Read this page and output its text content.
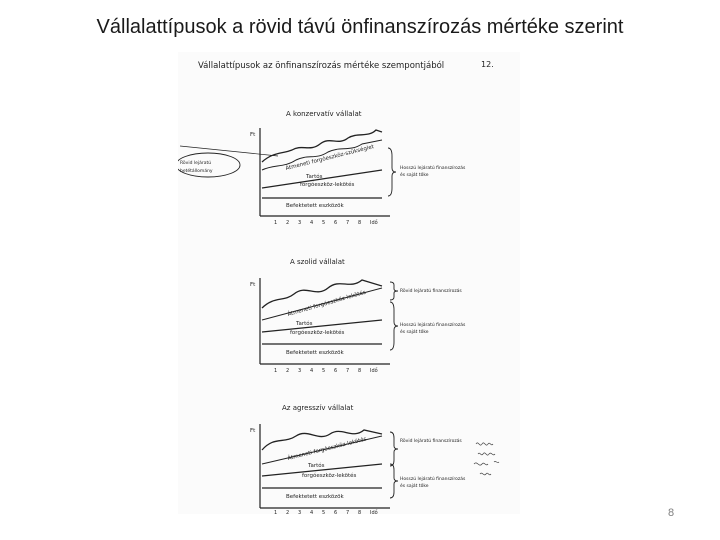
Vállalattípusok a rövid távú önfinanszírozás mértéke szerint
Vállalattípusok az önfinanszírozás mértéke szempontjából	12.
A konzervatív vállalat
Ft
Átmeneti forgóeszköz-szükséglet
Tartós
forgóeszköz-lekötés
Befektetett eszközök
1 2 3 4 5 6 7 8 Idő
Rövid lejáratú
betétállomány
Hosszú lejáratú finanszírozás
és saját tőke
A szolid vállalat
Ft
Átmeneti forgóeszköz-lekötés
Tartós
forgóeszköz-lekötés
Befektetett eszközök
1 2 3 4 5 6 7 8 Idő
Rövid lejáratú finanszírozás
Hosszú lejáratú finanszírozás
és saját tőke
Az agresszív vállalat
Ft
Átmeneti forgóeszköz-lekötés
Tartós
forgóeszköz-lekötés
Befektetett eszközök
1 2 3 4 5 6 7 8 Idő
Rövid lejáratú finanszírozás
Hosszú lejáratú finanszírozás
és saját tőke
8
